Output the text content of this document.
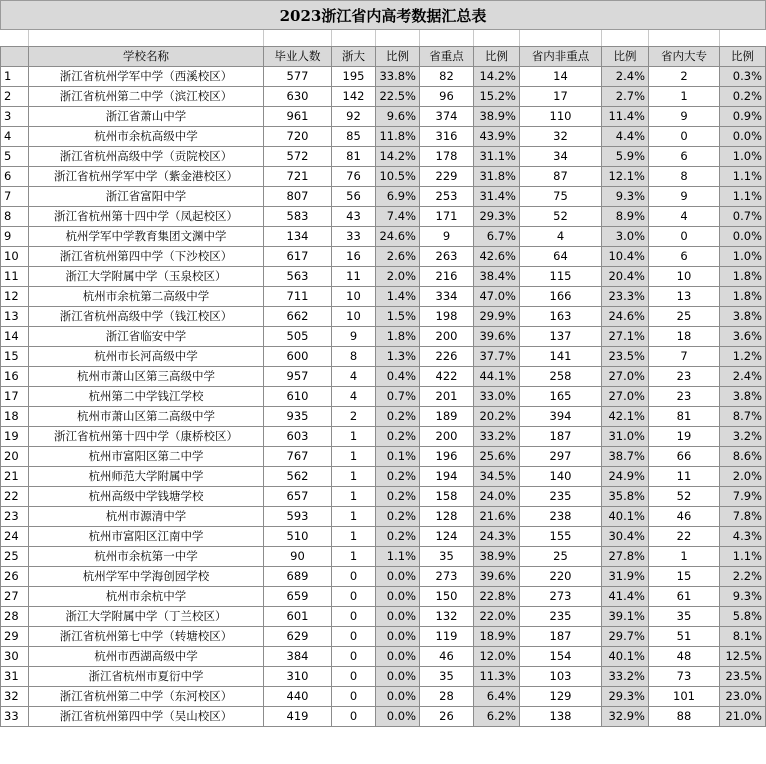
2023浙江省内高考数据汇总表
	学校名称	毕业人数	浙大	比例	省重点	比例	省内非重点	比例	省内大专	比例
1	浙江省杭州学军中学（西溪校区）	577	195	33.8%	82	14.2%	14	2.4%	2	0.3%
2	浙江省杭州第二中学（滨江校区）	630	142	22.5%	96	15.2%	17	2.7%	1	0.2%
3	浙江省萧山中学	961	92	9.6%	374	38.9%	110	11.4%	9	0.9%
4	杭州市余杭高级中学	720	85	11.8%	316	43.9%	32	4.4%	0	0.0%
5	浙江省杭州高级中学（贡院校区）	572	81	14.2%	178	31.1%	34	5.9%	6	1.0%
6	浙江省杭州学军中学（紫金港校区）	721	76	10.5%	229	31.8%	87	12.1%	8	1.1%
7	浙江省富阳中学	807	56	6.9%	253	31.4%	75	9.3%	9	1.1%
8	浙江省杭州第十四中学（凤起校区）	583	43	7.4%	171	29.3%	52	8.9%	4	0.7%
9	杭州学军中学教育集团文渊中学	134	33	24.6%	9	6.7%	4	3.0%	0	0.0%
10	浙江省杭州第四中学（下沙校区）	617	16	2.6%	263	42.6%	64	10.4%	6	1.0%
11	浙江大学附属中学（玉泉校区）	563	11	2.0%	216	38.4%	115	20.4%	10	1.8%
12	杭州市余杭第二高级中学	711	10	1.4%	334	47.0%	166	23.3%	13	1.8%
13	浙江省杭州高级中学（钱江校区）	662	10	1.5%	198	29.9%	163	24.6%	25	3.8%
14	浙江省临安中学	505	9	1.8%	200	39.6%	137	27.1%	18	3.6%
15	杭州市长河高级中学	600	8	1.3%	226	37.7%	141	23.5%	7	1.2%
16	杭州市萧山区第三高级中学	957	4	0.4%	422	44.1%	258	27.0%	23	2.4%
17	杭州第二中学钱江学校	610	4	0.7%	201	33.0%	165	27.0%	23	3.8%
18	杭州市萧山区第二高级中学	935	2	0.2%	189	20.2%	394	42.1%	81	8.7%
19	浙江省杭州第十四中学（康桥校区）	603	1	0.2%	200	33.2%	187	31.0%	19	3.2%
20	杭州市富阳区第二中学	767	1	0.1%	196	25.6%	297	38.7%	66	8.6%
21	杭州师范大学附属中学	562	1	0.2%	194	34.5%	140	24.9%	11	2.0%
22	杭州高级中学钱塘学校	657	1	0.2%	158	24.0%	235	35.8%	52	7.9%
23	杭州市源清中学	593	1	0.2%	128	21.6%	238	40.1%	46	7.8%
24	杭州市富阳区江南中学	510	1	0.2%	124	24.3%	155	30.4%	22	4.3%
25	杭州市余杭第一中学	90	1	1.1%	35	38.9%	25	27.8%	1	1.1%
26	杭州学军中学海创园学校	689	0	0.0%	273	39.6%	220	31.9%	15	2.2%
27	杭州市余杭中学	659	0	0.0%	150	22.8%	273	41.4%	61	9.3%
28	浙江大学附属中学（丁兰校区）	601	0	0.0%	132	22.0%	235	39.1%	35	5.8%
29	浙江省杭州第七中学（转塘校区）	629	0	0.0%	119	18.9%	187	29.7%	51	8.1%
30	杭州市西湖高级中学	384	0	0.0%	46	12.0%	154	40.1%	48	12.5%
31	浙江省杭州市夏衍中学	310	0	0.0%	35	11.3%	103	33.2%	73	23.5%
32	浙江省杭州第二中学（东河校区）	440	0	0.0%	28	6.4%	129	29.3%	101	23.0%
33	浙江省杭州第四中学（吴山校区）	419	0	0.0%	26	6.2%	138	32.9%	88	21.0%
